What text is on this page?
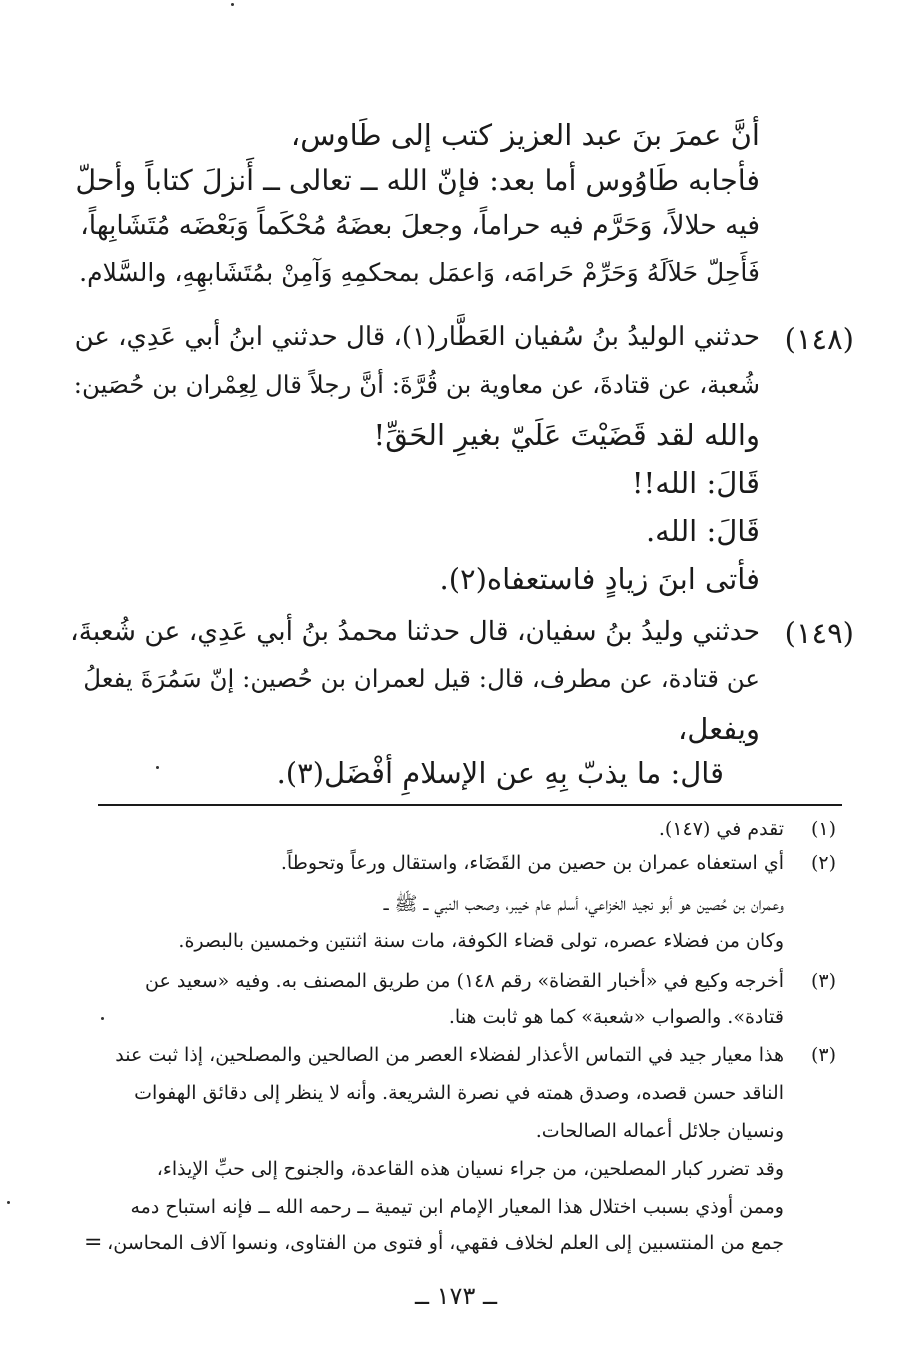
أنَّ عمرَ بنَ عبد العزيز كتب إلى طَاوس،
فأجابه طَاوُوس أما بعد: فإنّ الله ــ تعالى ــ أَنزلَ كتاباً وأحلّ
فيه حلالاً، وَحَرَّم فيه حراماً، وجعلَ بعضَهُ مُحْكَماً وَبَعْضَه مُتَشَابِهاً،
فَأَحِلّ حَلاَلَهُ وَحَرِّمْ حَرامَه، وَاعمَل بمحكمِهِ وَآمِنْ بمُتَشَابهِهِ، والسَّلام.
(١٤٨)
حدثني الوليدُ بنُ سُفيان العَطَّار(١)، قال حدثني ابنُ أبي عَدِي، عن
شُعبة، عن قتادةَ، عن معاوية بن قُرَّةَ: أنَّ رجلاً قال لِعِمْران بن حُصَين:
والله لقد قَضَيْتَ عَلَيّ بغيرِ الحَقِّ!
قَالَ: الله!!
قَالَ: الله.
فأتى ابنَ زيادٍ فاستعفاه(٢).
(١٤٩)
حدثني وليدُ بنُ سفيان، قال حدثنا محمدُ بنُ أبي عَدِي، عن شُعبةَ،
عن قتادة، عن مطرف، قال: قيل لعمران بن حُصين: إنّ سَمُرَةَ يفعلُ
ويفعل،
قال: ما يذبّ بِهِ عن الإسلامِ أفْضَل(٣).
(١)
تقدم في (١٤٧).
(٢)
أي استعفاه عمران بن حصين من القَضَاء، واستقال ورعاً وتحوطاً.
وعمران بن حُصين هو أبو نجيد الخزاعي، أسلم عام خيبر، وصحب النبي ــ ﷺ ــ
وكان من فضلاء عصره، تولى قضاء الكوفة، مات سنة اثنتين وخمسين بالبصرة.
(٣)
أخرجه وكيع في «أخبار القضاة» رقم ١٤٨) من طريق المصنف به. وفيه «سعيد عن
قتادة». والصواب «شعبة» كما هو ثابت هنا.
(٣)
هذا معيار جيد في التماس الأعذار لفضلاء العصر من الصالحين والمصلحين، إذا ثبت عند
الناقد حسن قصده، وصدق همته في نصرة الشريعة. وأنه لا ينظر إلى دقائق الهفوات
ونسيان جلائل أعماله الصالحات.
وقد تضرر كبار المصلحين، من جراء نسيان هذه القاعدة، والجنوح إلى حبِّ الإيذاء،
وممن أوذي بسبب اختلال هذا المعيار الإمام ابن تيمية ــ رحمه الله ــ فإنه استباح دمه
جمع من المنتسبين إلى العلم لخلاف فقهي، أو فتوى من الفتاوى، ونسوا آلاف المحاسن،
=
ــ ١٧٣ ــ
